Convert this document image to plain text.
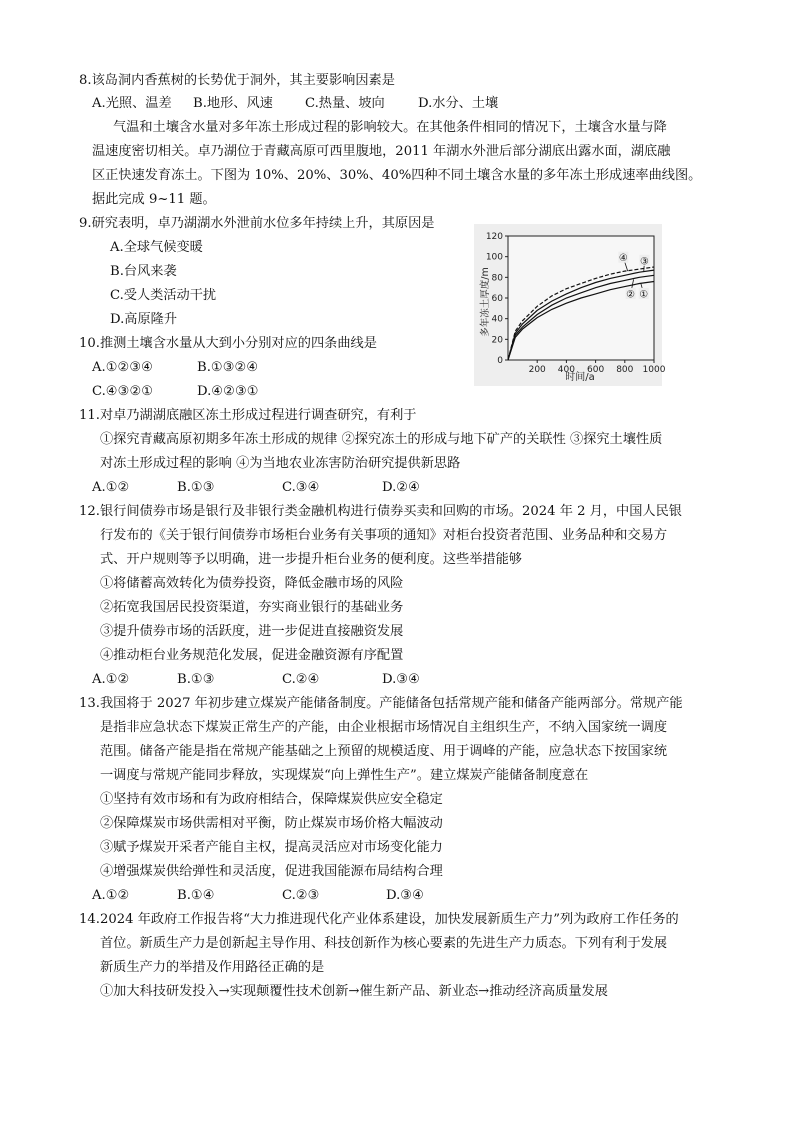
8.该岛洞内香蕉树的长势优于洞外，其主要影响因素是
A.光照、温差 B.地形、风速 C.热量、坡向	D.水分、土壤
气温和土壤含水量对多年冻土形成过程的影响较大。在其他条件相同的情况下，土壤含水量与降
温速度密切相关。卓乃湖位于青藏高原可西里腹地，2011 年湖水外泄后部分湖底出露水面，湖底融
区正快速发育冻土。下图为 10%、20%、30%、40%四种不同土壤含水量的多年冻土形成速率曲线图。
据此完成 9~11 题。
9.研究表明，卓乃湖湖水外泄前水位多年持续上升，其原因是
A.全球气候变暖
B.台风来袭
C.受人类活动干扰
D.高原隆升	多年冻土厚度/m
时间/a
④ ③
② ①
0
20
40
60
80
100
120
200 400 600 800 1000
10.推测土壤含水量从大到小分别对应的四条曲线是
A.①②③④	B.①③②④
C.④③②①	D.④②③①
11.对卓乃湖湖底融区冻土形成过程进行调查研究，有利于
①探究青藏高原初期多年冻土形成的规律 ②探究冻土的形成与地下矿产的关联性 ③探究土壤性质
对冻土形成过程的影响 ④为当地农业冻害防治研究提供新思路
A.①②	B.①③	C.③④	D.②④
12.银行间债券市场是银行及非银行类金融机构进行债券买卖和回购的市场。2024 年 2 月，中国人民银
行发布的《关于银行间债券市场柜台业务有关事项的通知》对柜台投资者范围、业务品种和交易方
式、开户规则等予以明确，进一步提升柜台业务的便利度。这些举措能够
①将储蓄高效转化为债券投资，降低金融市场的风险
②拓宽我国居民投资渠道，夯实商业银行的基础业务
③提升债券市场的活跃度，进一步促进直接融资发展
④推动柜台业务规范化发展，促进金融资源有序配置
A.①②	B.①③	C.②④	D.③④
13.我国将于 2027 年初步建立煤炭产能储备制度。产能储备包括常规产能和储备产能两部分。常规产能
是指非应急状态下煤炭正常生产的产能，由企业根据市场情况自主组织生产，不纳入国家统一调度
范围。储备产能是指在常规产能基础之上预留的规模适度、用于调峰的产能，应急状态下按国家统
一调度与常规产能同步释放，实现煤炭“向上弹性生产”。建立煤炭产能储备制度意在
①坚持有效市场和有为政府相结合，保障煤炭供应安全稳定
②保障煤炭市场供需相对平衡，防止煤炭市场价格大幅波动
③赋予煤炭开采者产能自主权，提高灵活应对市场变化能力
④增强煤炭供给弹性和灵活度，促进我国能源布局结构合理
A.①②	B.①④	C.②③	D.③④
14.2024 年政府工作报告将“大力推进现代化产业体系建设，加快发展新质生产力”列为政府工作任务的
首位。新质生产力是创新起主导作用、科技创新作为核心要素的先进生产力质态。下列有利于发展
新质生产力的举措及作用路径正确的是
①加大科技研发投入→实现颠覆性技术创新→催生新产品、新业态→推动经济高质量发展
